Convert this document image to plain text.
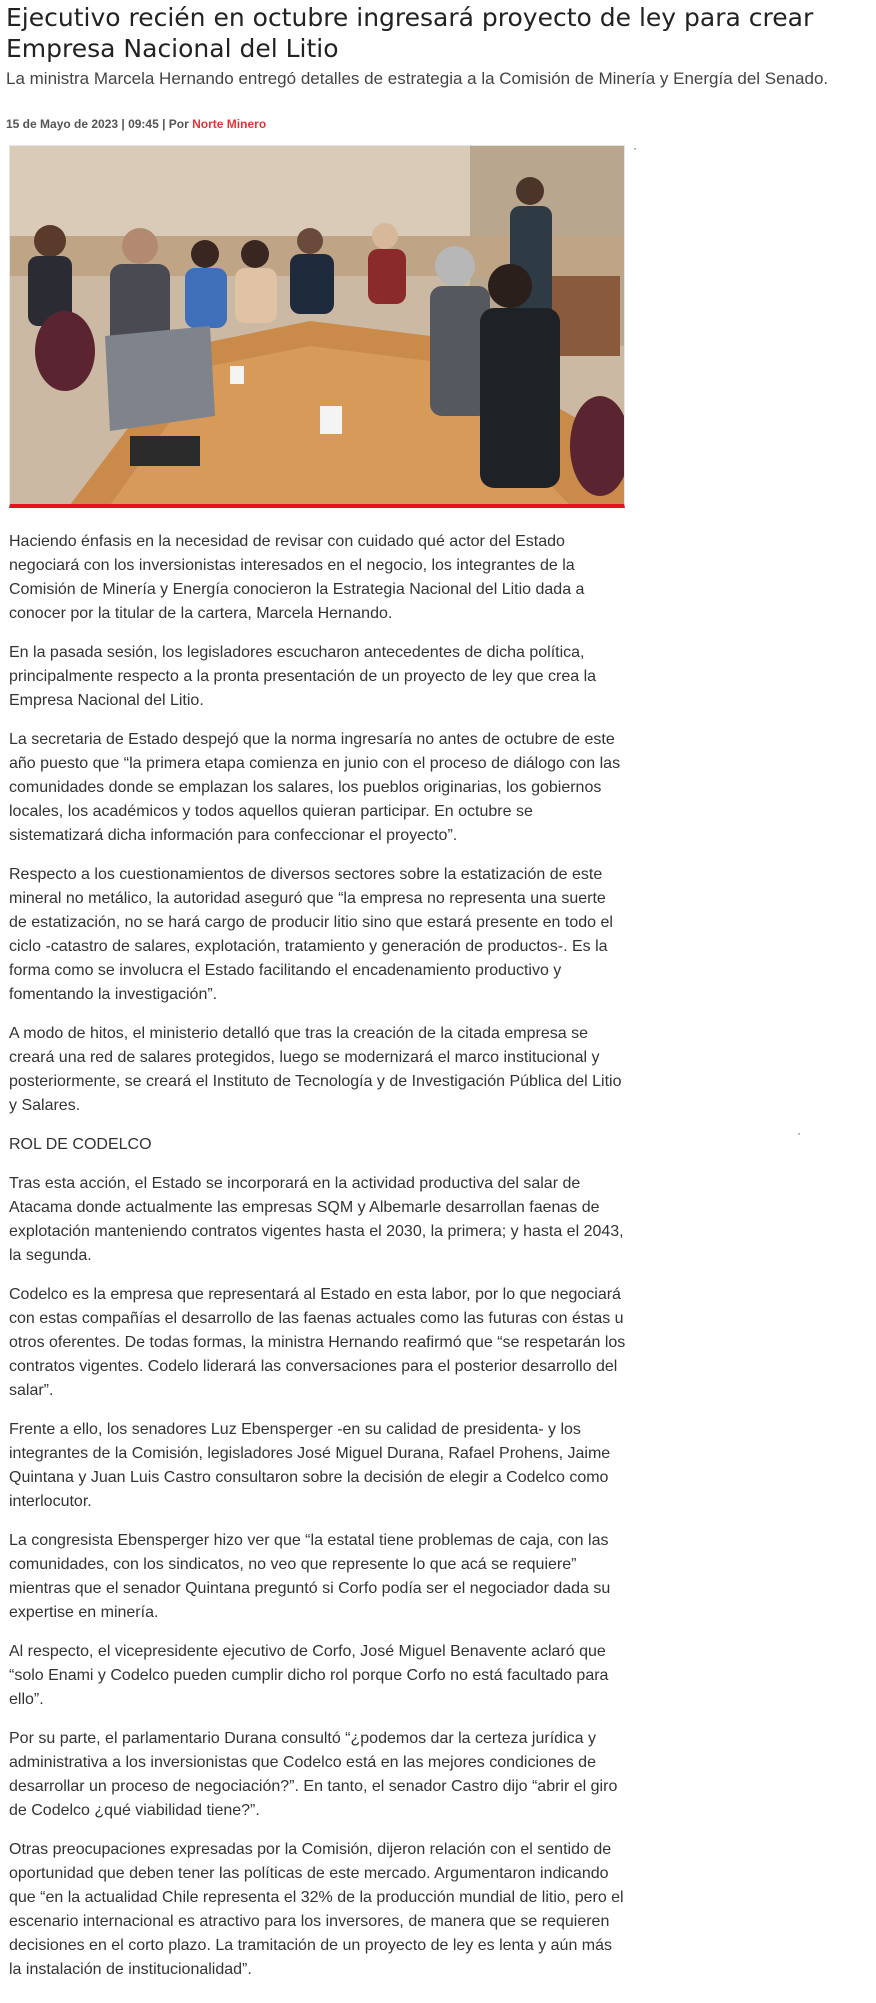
Ejecutivo recién en octubre ingresará proyecto de ley para crear Empresa Nacional del Litio

La ministra Marcela Hernando entregó detalles de estrategia a la Comisión de Minería y Energía del Senado.

15 de Mayo de 2023 | 09:45 | Por Norte Minero

Haciendo énfasis en la necesidad de revisar con cuidado qué actor del Estado negociará con los inversionistas interesados en el negocio, los integrantes de la Comisión de Minería y Energía conocieron la Estrategia Nacional del Litio dada a conocer por la titular de la cartera, Marcela Hernando.

En la pasada sesión, los legisladores escucharon antecedentes de dicha política, principalmente respecto a la pronta presentación de un proyecto de ley que crea la Empresa Nacional del Litio.

La secretaria de Estado despejó que la norma ingresaría no antes de octubre de este año puesto que “la primera etapa comienza en junio con el proceso de diálogo con las comunidades donde se emplazan los salares, los pueblos originarias, los gobiernos locales, los académicos y todos aquellos quieran participar. En octubre se sistematizará dicha información para confeccionar el proyecto”.

Respecto a los cuestionamientos de diversos sectores sobre la estatización de este mineral no metálico, la autoridad aseguró que “la empresa no representa una suerte de estatización, no se hará cargo de producir litio sino que estará presente en todo el ciclo -catastro de salares, explotación, tratamiento y generación de productos-. Es la forma como se involucra el Estado facilitando el encadenamiento productivo y fomentando la investigación”.

A modo de hitos, el ministerio detalló que tras la creación de la citada empresa se creará una red de salares protegidos, luego se modernizará el marco institucional y posteriormente, se creará el Instituto de Tecnología y de Investigación Pública del Litio y Salares.

ROL DE CODELCO

Tras esta acción, el Estado se incorporará en la actividad productiva del salar de Atacama donde actualmente las empresas SQM y Albemarle desarrollan faenas de explotación manteniendo contratos vigentes hasta el 2030, la primera; y hasta el 2043, la segunda.

Codelco es la empresa que representará al Estado en esta labor, por lo que negociará con estas compañías el desarrollo de las faenas actuales como las futuras con éstas u otros oferentes. De todas formas, la ministra Hernando reafirmó que “se respetarán los contratos vigentes. Codelo liderará las conversaciones para el posterior desarrollo del salar”.

Frente a ello, los senadores Luz Ebensperger -en su calidad de presidenta- y los integrantes de la Comisión, legisladores José Miguel Durana, Rafael Prohens, Jaime Quintana y Juan Luis Castro consultaron sobre la decisión de elegir a Codelco como interlocutor.

La congresista Ebensperger hizo ver que “la estatal tiene problemas de caja, con las comunidades, con los sindicatos, no veo que represente lo que acá se requiere” mientras que el senador Quintana preguntó si Corfo podía ser el negociador dada su expertise en minería.

Al respecto, el vicepresidente ejecutivo de Corfo, José Miguel Benavente aclaró que “solo Enami y Codelco pueden cumplir dicho rol porque Corfo no está facultado para ello”.

Por su parte, el parlamentario Durana consultó “¿podemos dar la certeza jurídica y administrativa a los inversionistas que Codelco está en las mejores condiciones de desarrollar un proceso de negociación?”. En tanto, el senador Castro dijo “abrir el giro de Codelco ¿qué viabilidad tiene?”.

Otras preocupaciones expresadas por la Comisión, dijeron relación con el sentido de oportunidad que deben tener las políticas de este mercado. Argumentaron indicando que “en la actualidad Chile representa el 32% de la producción mundial de litio, pero el escenario internacional es atractivo para los inversores, de manera que se requieren decisiones en el corto plazo. La tramitación de un proyecto de ley es lenta y aún más la instalación de institucionalidad”.
